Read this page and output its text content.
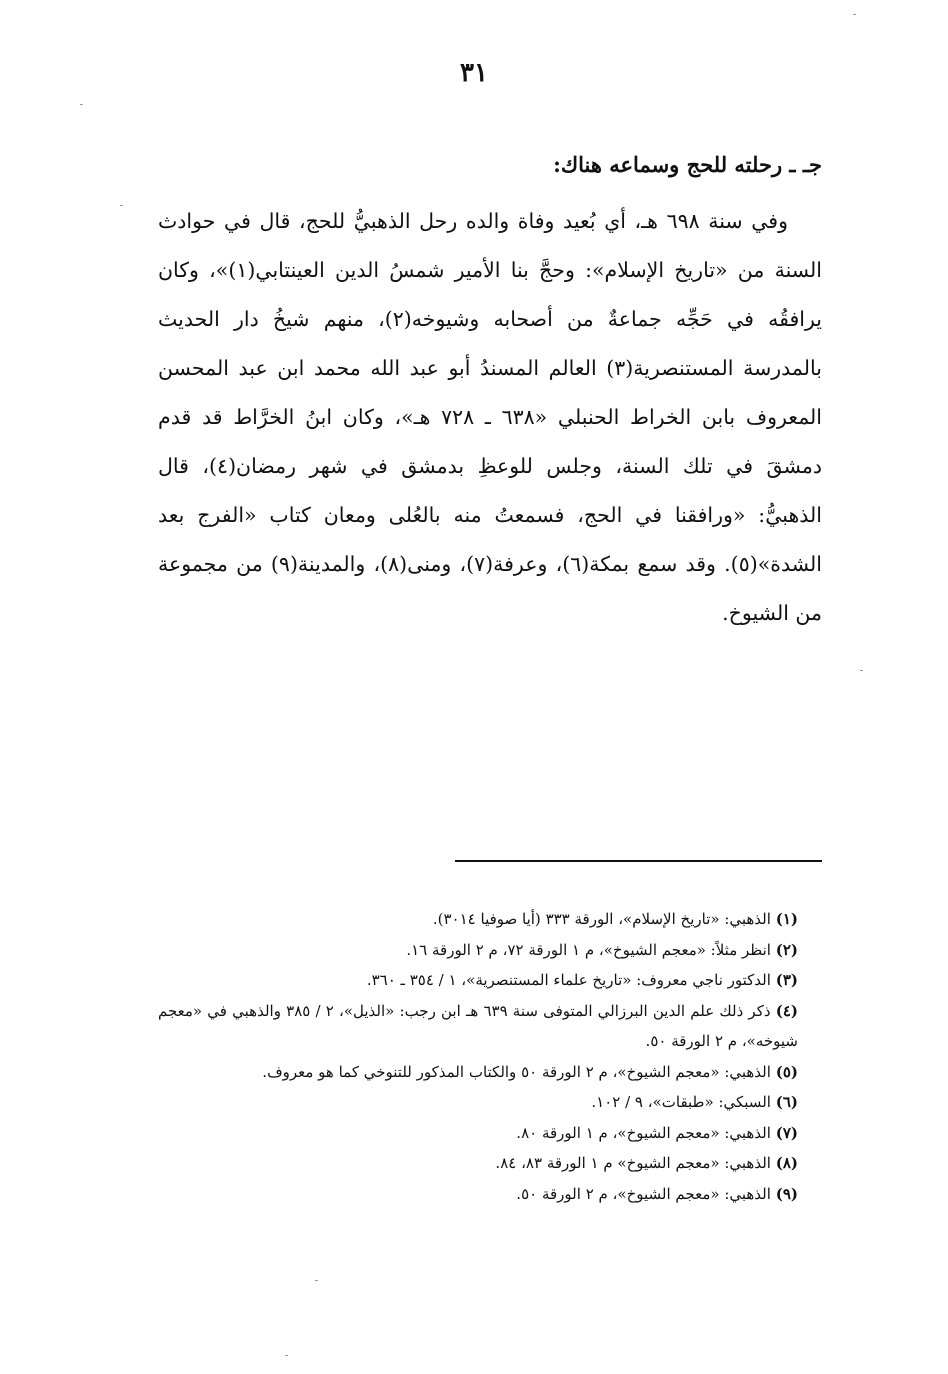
٣١
جـ ـ رحلته للحج وسماعه هناك:

وفي سنة ٦٩٨ هـ، أي بُعيد وفاة والده رحل الذهبيُّ للحج، قال في حوادث السنة من «تاريخ الإسلام»: وحجَّ بنا الأمير شمسُ الدين العينتابي(١)»، وكان يرافقُه في حَجِّه جماعةٌ من أصحابه وشيوخه(٢)، منهم شيخُ دار الحديث بالمدرسة المستنصرية(٣) العالم المسندُ أبو عبد الله محمد ابن عبد المحسن المعروف بابن الخراط الحنبلي «٦٣٨ ـ ٧٢٨ هـ»، وكان ابنُ الخرَّاط قد قدم دمشقَ في تلك السنة، وجلس للوعظِ بدمشق في شهر رمضان(٤)، قال الذهبيُّ: «ورافقنا في الحج، فسمعتُ منه بالعُلى ومعان كتاب «الفرج بعد الشدة»(٥). وقد سمع بمكة(٦)، وعرفة(٧)، ومنى(٨)، والمدينة(٩) من مجموعة من الشيوخ.

(١) الذهبي: «تاريخ الإسلام»، الورقة ٣٣٣ (أيا صوفيا ٣٠١٤).
(٢) انظر مثلاً: «معجم الشيوخ»، م ١ الورقة ٧٢، م ٢ الورقة ١٦.
(٣) الدكتور ناجي معروف: «تاريخ علماء المستنصرية»، ١ / ٣٥٤ ـ ٣٦٠.
(٤) ذكر ذلك علم الدين البرزالي المتوفى سنة ٦٣٩ هـ ابن رجب: «الذيل»، ٢ / ٣٨٥ والذهبي في «معجم شيوخه»، م ٢ الورقة ٥٠.
(٥) الذهبي: «معجم الشيوخ»، م ٢ الورقة ٥٠ والكتاب المذكور للتنوخي كما هو معروف.
(٦) السبكي: «طبقات»، ٩ / ١٠٢.
(٧) الذهبي: «معجم الشيوخ»، م ١ الورقة ٨٠.
(٨) الذهبي: «معجم الشيوخ» م ١ الورقة ٨٣، ٨٤.
(٩) الذهبي: «معجم الشيوخ»، م ٢ الورقة ٥٠.
